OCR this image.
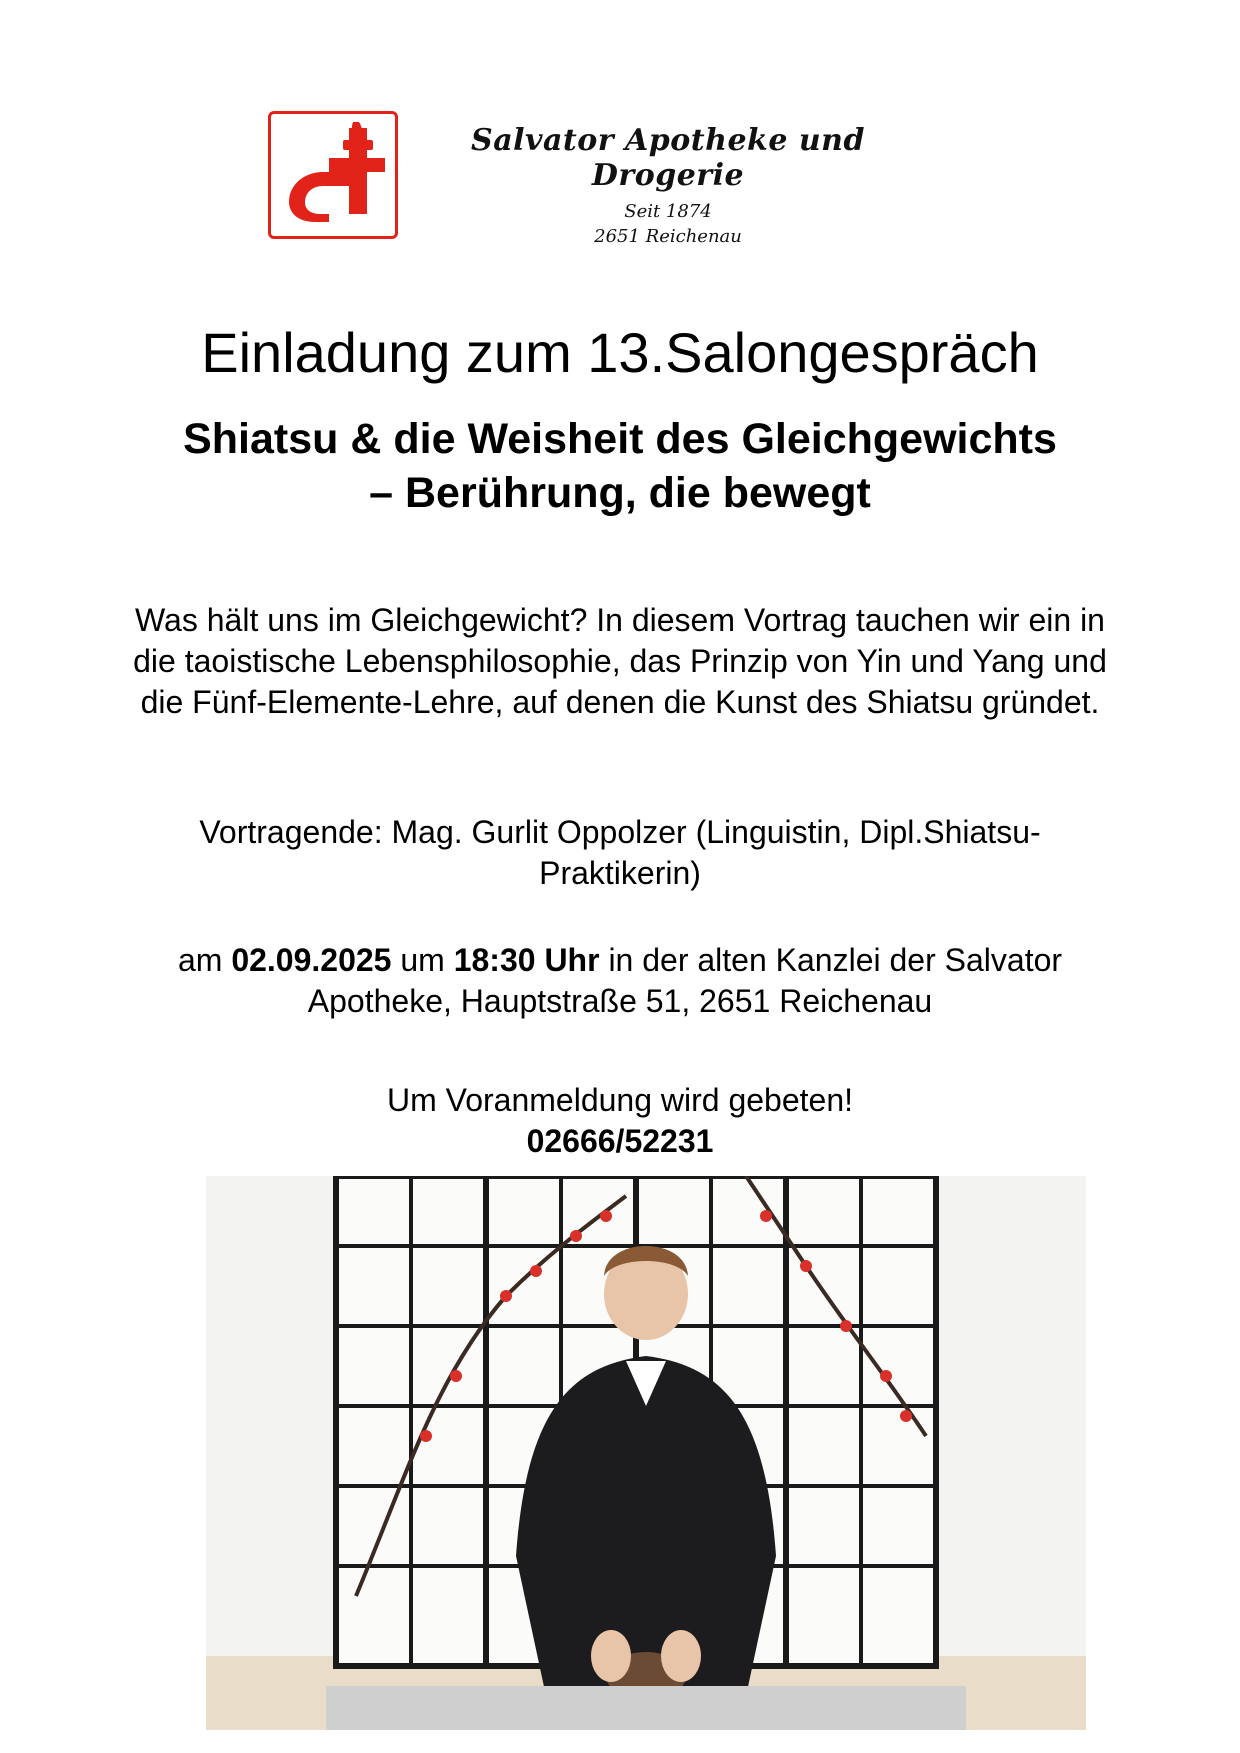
Salvator Apotheke und Drogerie
Seit 1874
2651 Reichenau
Einladung zum 13.Salongespräch
Shiatsu & die Weisheit des Gleichgewichts – Berührung, die bewegt
Was hält uns im Gleichgewicht? In diesem Vortrag tauchen wir ein in die taoistische Lebensphilosophie, das Prinzip von Yin und Yang und die Fünf-Elemente-Lehre, auf denen die Kunst des Shiatsu gründet.
Vortragende: Mag. Gurlit Oppolzer (Linguistin, Dipl.Shiatsu-Praktikerin)
am 02.09.2025 um 18:30 Uhr in der alten Kanzlei der Salvator Apotheke, Hauptstraße 51, 2651 Reichenau
Um Voranmeldung wird gebeten!
02666/52231
